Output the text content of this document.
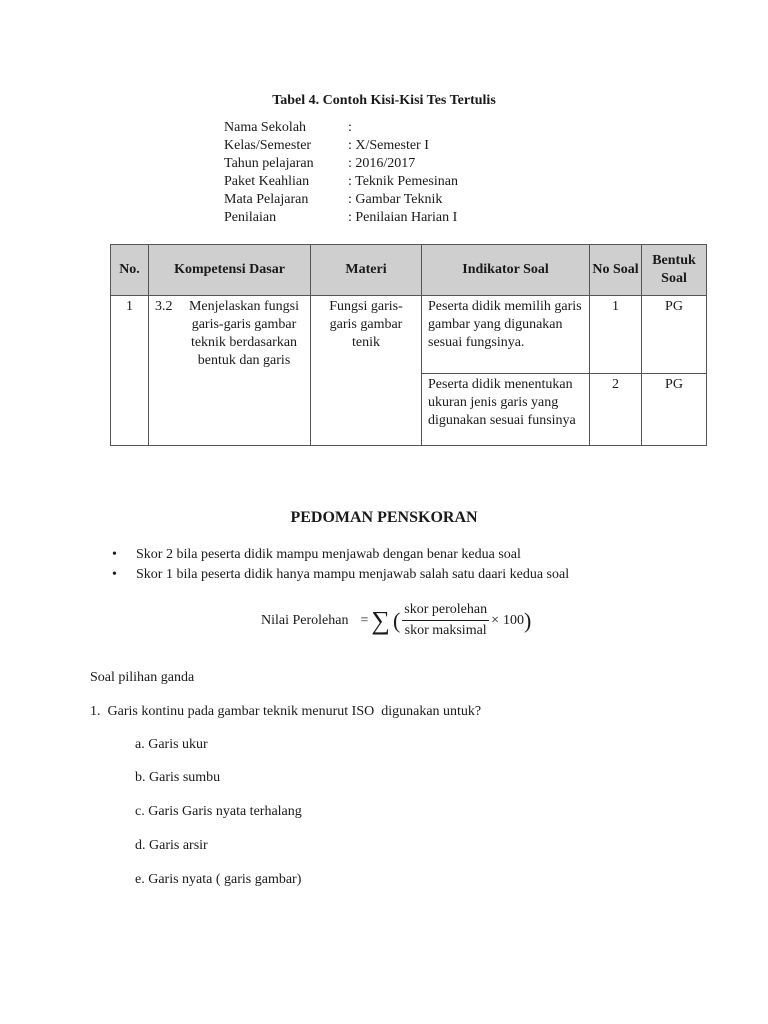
Tabel 4. Contoh Kisi-Kisi Tes Tertulis
Nama Sekolah	:
Kelas/Semester	: X/Semester I
Tahun pelajaran : 2016/2017
Paket Keahlian	: Teknik Pemesinan
Mata Pelajaran	: Gambar Teknik
Penilaian	: Penilaian Harian I
No.	Kompetensi Dasar	Materi	Indikator Soal	No Soal	Bentuk Soal
1	3.2 Menjelaskan fungsi garis-garis gambar teknik berdasarkan bentuk dan garis	Fungsi garis-garis gambar tenik	Peserta didik memilih garis gambar yang digunakan sesuai fungsinya.	1	PG
			Peserta didik menentukan ukuran jenis garis yang digunakan sesuai funsinya	2	PG
PEDOMAN PENSKORAN
• Skor 2 bila peserta didik mampu menjawab dengan benar kedua soal
• Skor 1 bila peserta didik hanya mampu menjawab salah satu daari kedua soal
Nilai Perolehan = ∑ ( $\frac{\text{skor perolehan}}{\text{skor maksimal}} \times 100$ )
Soal pilihan ganda
1.  Garis kontinu pada gambar teknik menurut ISO  digunakan untuk?
a. Garis ukur
b. Garis sumbu
c. Garis Garis nyata terhalang
d. Garis arsir
e. Garis nyata ( garis gambar)
